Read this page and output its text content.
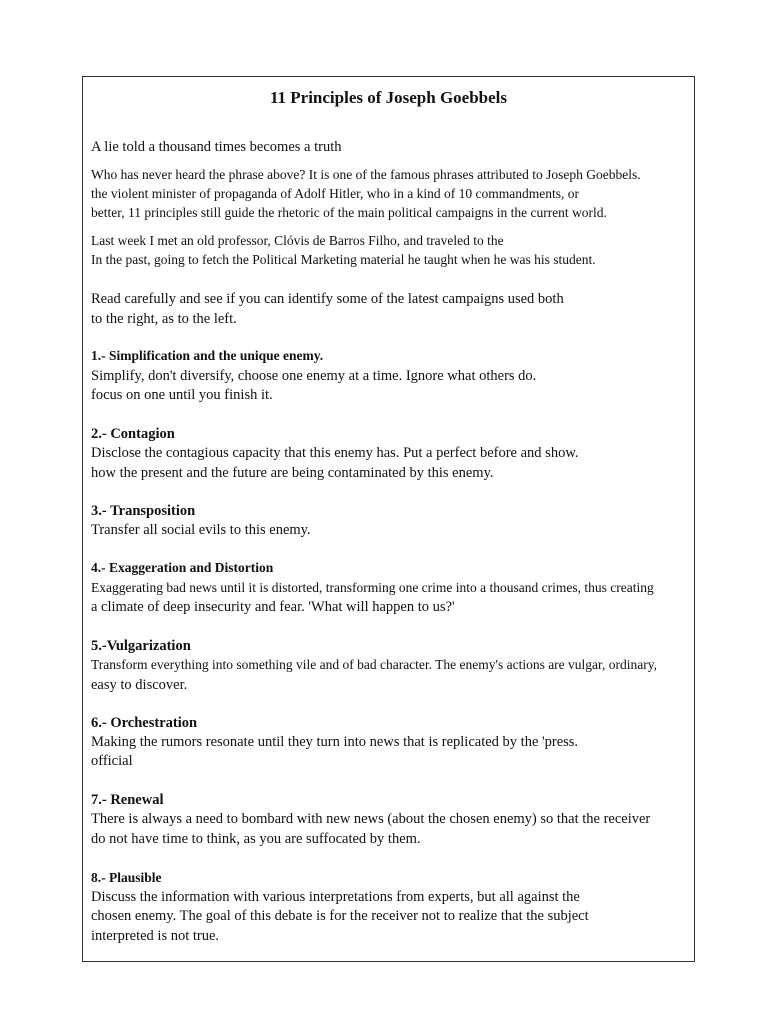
11 Principles of Joseph Goebbels

A lie told a thousand times becomes a truth

Who has never heard the phrase above? It is one of the famous phrases attributed to Joseph Goebbels.

the violent minister of propaganda of Adolf Hitler, who in a kind of 10 commandments, or

better, 11 principles still guide the rhetoric of the main political campaigns in the current world.

Last week I met an old professor, Clóvis de Barros Filho, and traveled to the

In the past, going to fetch the Political Marketing material he taught when he was his student.

Read carefully and see if you can identify some of the latest campaigns used both

to the right, as to the left.

1.- Simplification and the unique enemy.

Simplify, don't diversify, choose one enemy at a time. Ignore what others do.

focus on one until you finish it.

2.- Contagion

Disclose the contagious capacity that this enemy has. Put a perfect before and show.

how the present and the future are being contaminated by this enemy.

3.- Transposition

Transfer all social evils to this enemy.

4.- Exaggeration and Distortion

Exaggerating bad news until it is distorted, transforming one crime into a thousand crimes, thus creating

a climate of deep insecurity and fear. 'What will happen to us?'

5.-Vulgarization

Transform everything into something vile and of bad character. The enemy's actions are vulgar, ordinary,

easy to discover.

6.- Orchestration

Making the rumors resonate until they turn into news that is replicated by the 'press.

official

7.- Renewal

There is always a need to bombard with new news (about the chosen enemy) so that the receiver

do not have time to think, as you are suffocated by them.

8.- Plausible

Discuss the information with various interpretations from experts, but all against the

chosen enemy. The goal of this debate is for the receiver not to realize that the subject

interpreted is not true.
